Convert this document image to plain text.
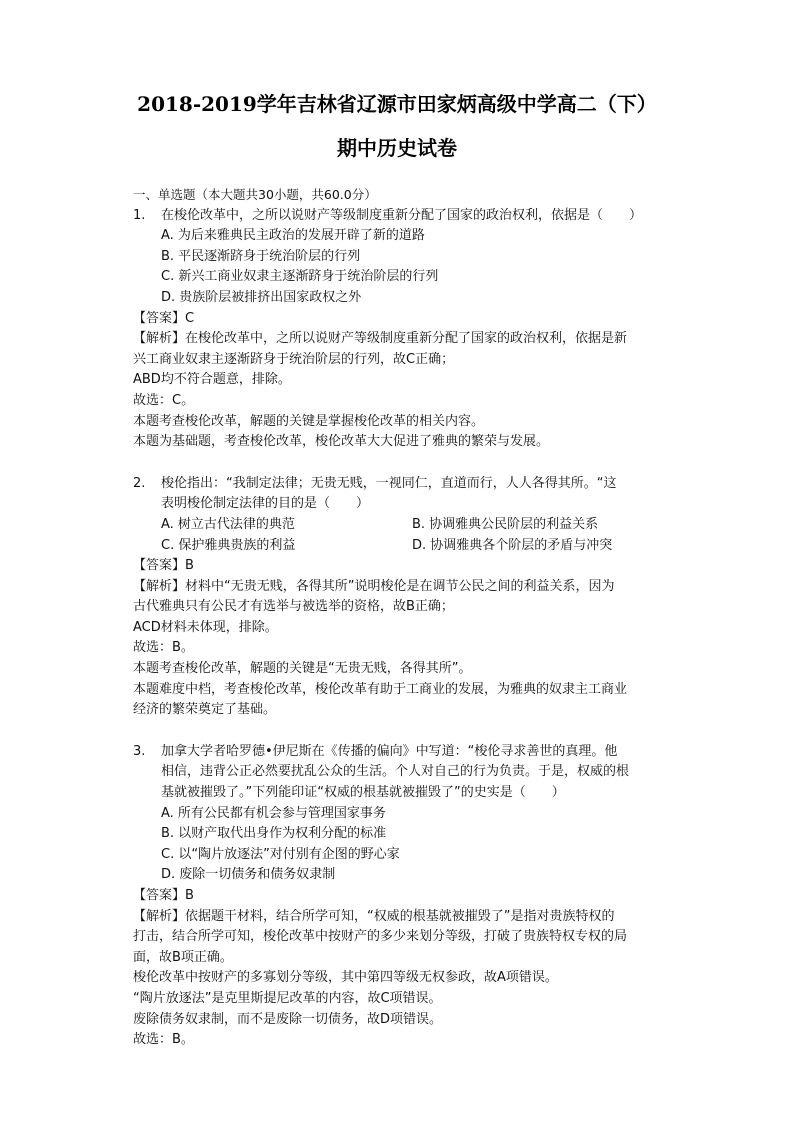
2018-2019学年吉林省辽源市田家炳高级中学高二（下）
期中历史试卷

一、单选题（本大题共30小题，共60.0分）

1. 在梭伦改革中，之所以说财产等级制度重新分配了国家的政治权利，依据是（　　）

A. 为后来雅典民主政治的发展开辟了新的道路

B. 平民逐渐跻身于统治阶层的行列

C. 新兴工商业奴隶主逐渐跻身于统治阶层的行列

D. 贵族阶层被排挤出国家政权之外

【答案】C

【解析】在梭伦改革中，之所以说财产等级制度重新分配了国家的政治权利，依据是新

兴工商业奴隶主逐渐跻身于统治阶层的行列，故C正确；

ABD均不符合题意，排除。

故选：C。

本题考查梭伦改革，解题的关键是掌握梭伦改革的相关内容。

本题为基础题，考查梭伦改革，梭伦改革大大促进了雅典的繁荣与发展。

2. 梭伦指出：“我制定法律；无贵无贱，一视同仁，直道而行，人人各得其所。“这

表明梭伦制定法律的目的是（　　）

A. 树立古代法律的典范	B. 协调雅典公民阶层的利益关系
C. 保护雅典贵族的利益	D. 协调雅典各个阶层的矛盾与冲突

【答案】B

【解析】材料中“无贵无贱，各得其所”说明梭伦是在调节公民之间的利益关系，因为

古代雅典只有公民才有选举与被选举的资格，故B正确；

ACD材料未体现，排除。

故选：B。

本题考查梭伦改革，解题的关键是“无贵无贱，各得其所”。

本题难度中档，考查梭伦改革，梭伦改革有助于工商业的发展，为雅典的奴隶主工商业

经济的繁荣奠定了基础。

3. 加拿大学者哈罗德•伊尼斯在《传播的偏向》中写道：“梭伦寻求善世的真理。他

相信，违背公正必然要扰乱公众的生活。个人对自己的行为负责。于是，权威的根

基就被摧毁了。”下列能印证“权威的根基就被摧毁了”的史实是（　　）

A. 所有公民都有机会参与管理国家事务

B. 以财产取代出身作为权利分配的标准

C. 以“陶片放逐法”对付别有企图的野心家

D. 废除一切债务和债务奴隶制

【答案】B

【解析】依据题干材料，结合所学可知，“权威的根基就被摧毁了”是指对贵族特权的

打击，结合所学可知，梭伦改革中按财产的多少来划分等级，打破了贵族特权专权的局

面，故B项正确。

梭伦改革中按财产的多寡划分等级，其中第四等级无权参政，故A项错误。

“陶片放逐法”是克里斯提尼改革的内容，故C项错误。

废除债务奴隶制，而不是废除一切债务，故D项错误。

故选：B。
